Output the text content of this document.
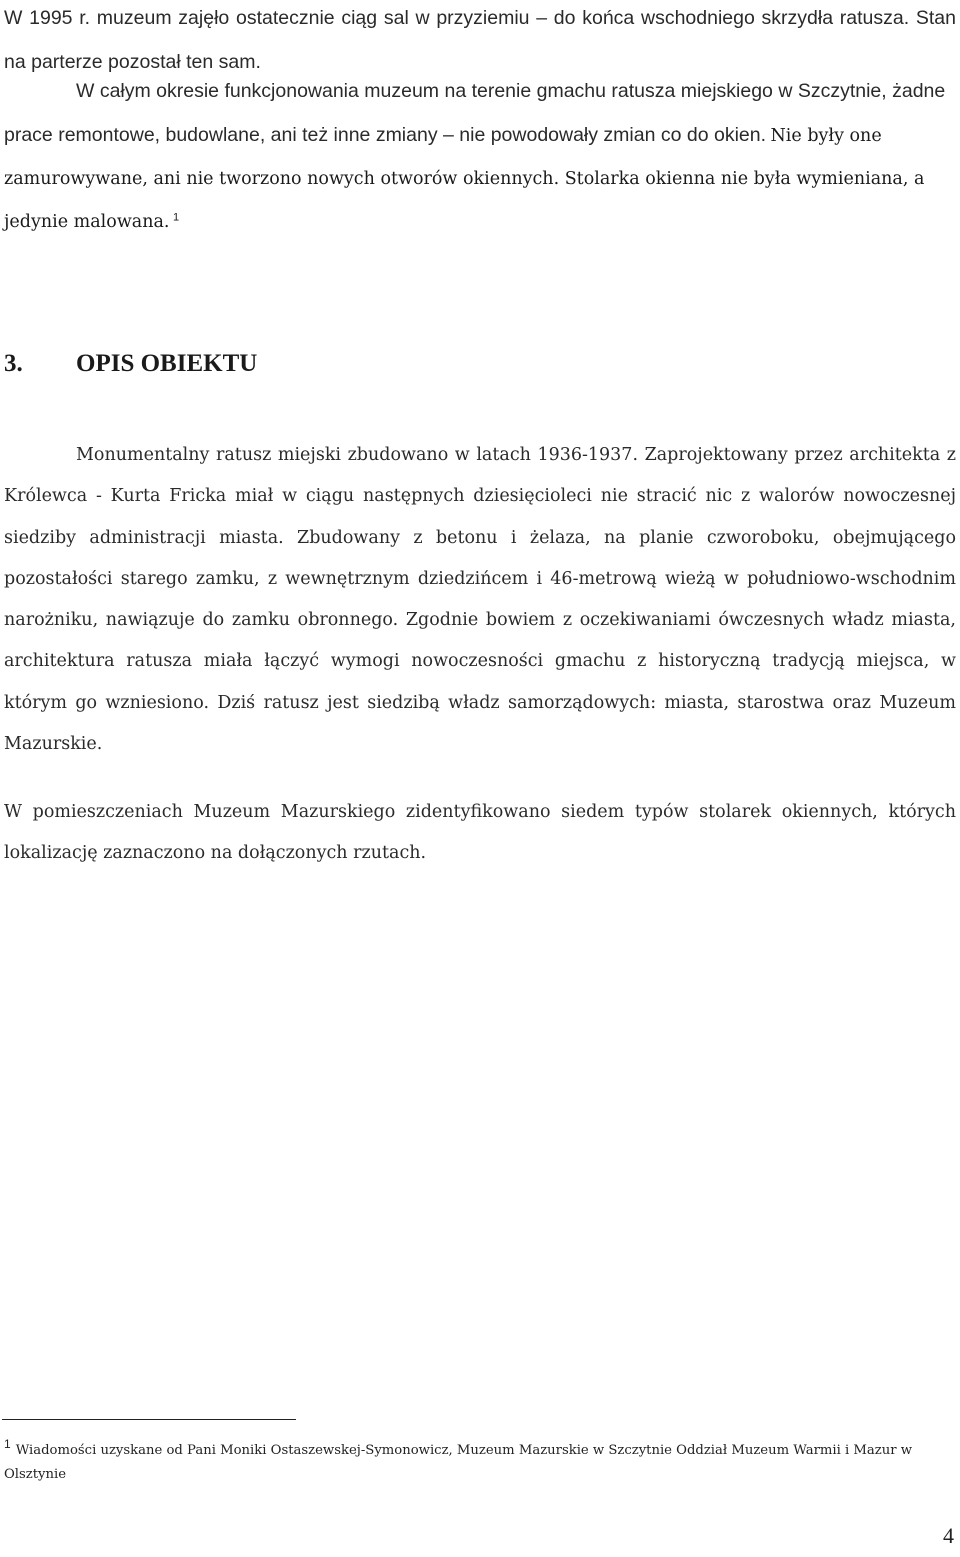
W 1995 r. muzeum zajęło ostatecznie ciąg sal w przyziemiu – do końca wschodniego skrzydła ratusza. Stan na parterze pozostał ten sam.

W całym okresie funkcjonowania muzeum na terenie gmachu ratusza miejskiego w Szczytnie, żadne prace remontowe, budowlane, ani też inne zmiany – nie powodowały zmian co do okien. Nie były one zamurowywane, ani nie tworzono nowych otworów okiennych. Stolarka okienna nie była wymieniana, a jedynie malowana.  $^1$

3. OPIS OBIEKTU

Monumentalny ratusz miejski zbudowano w latach 1936-1937. Zaprojektowany przez architekta z Królewca - Kurta Fricka miał w ciągu następnych dziesięcioleci nie stracić nic z walorów nowoczesnej siedziby administracji miasta. Zbudowany z betonu i żelaza, na planie czworoboku, obejmującego pozostałości starego zamku, z wewnętrznym dziedzińcem i 46-metrową wieżą w południowo-wschodnim narożniku, nawiązuje do zamku obronnego. Zgodnie bowiem z oczekiwaniami ówczesnych władz miasta, architektura ratusza miała łączyć wymogi nowoczesności gmachu z historyczną tradycją miejsca, w którym go wzniesiono. Dziś ratusz jest siedzibą władz samorządowych: miasta, starostwa oraz Muzeum Mazurskie.

W pomieszczeniach Muzeum Mazurskiego zidentyfikowano siedem typów stolarek okiennych, których lokalizację zaznaczono na dołączonych rzutach.

1 Wiadomości uzyskane od Pani Moniki Ostaszewskej-Symonowicz, Muzeum Mazurskie w Szczytnie Oddział Muzeum Warmii i Mazur w Olsztynie

4
